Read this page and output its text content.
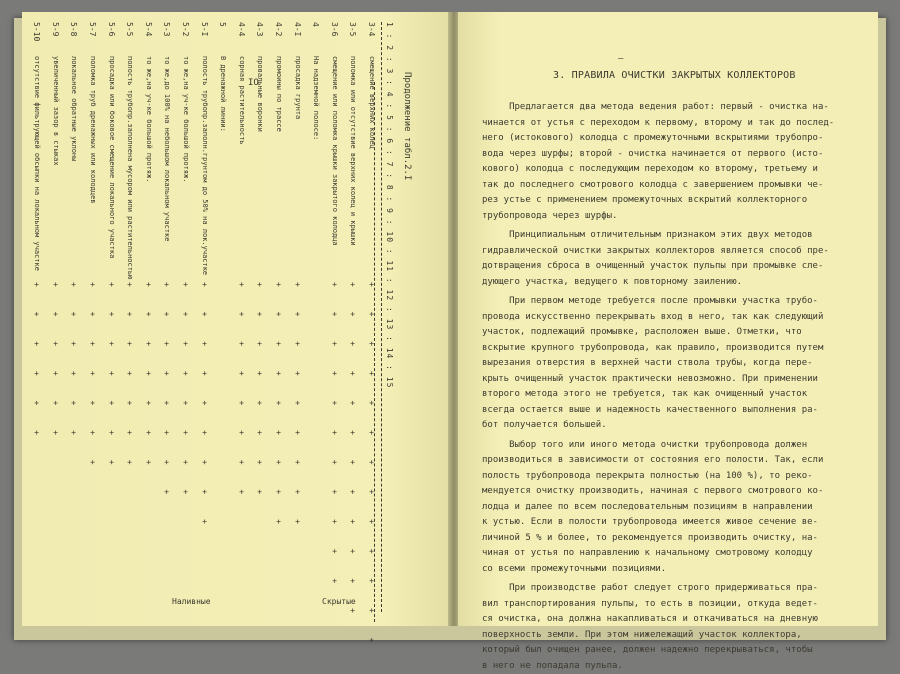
Продолжение табл.2.I
3-4
смещение верхних колец
+ + + + + + + + + + + + +
3-5
поломка или отсутствие верхних колец и крышки
+ + + + + + + + + + + +
3-6
смещение или поломка крышки закрытого колодца
+ + + + + + + + + + +
4
На надземной полосе:
4-I
просадка грунта
+ + + + + + + + +
4-2
промоины по трассе
+ + + + + + + + +
4-3
провальные воронки
+ + + + + + + +
4-4
сорная растительность
+ + + + + + + +
5
В дренажной линии:
5-I
полость трубопр.заполн.грунтом до 50% на лок.участке
+ + + + + + + + +
5-2
то же,на уч-ке большой протяж.
+ + + + + + + +
5-3
то же,до 100% на небольшом локальном участке
+ + + + + + + +
5-4
то же,на уч-ке большой протяж.
+ + + + + + +
5-5
полость трубопр.заполнена мусором или растительностью
+ + + + + + +
5-6
просадка или боковое смещение локального участка
+ + + + + + +
5-7
поломка труб дренажных или колодцев
+ + + + + + +
5-8
локальное обратные уклоны
+ + + + + +
5-9
увеличенный зазор в стыках
+ + + + + +
5-10
отсутствие фильтрующей обсыпки на локальном участке
+ + + + + +	1 : 2 : 3 : 4 : 5 : 6 : 7 : 8 : 9 : 10 : 11 : 12 : 13 : 14 : 15
IO
Наливные	Скрытые
—
3. ПРАВИЛА ОЧИСТКИ ЗАКРЫТЫХ КОЛЛЕКТОРОВ

Предлагается два метода ведения работ: первый - очистка на-

чинается от устья с переходом к первому, второму и так до послед-

него (истокового) колодца с промежуточными вскрытиями трубопро-

вода через шурфы; второй - очистка начинается от первого (исто-

кового) колодца с последующим переходом ко второму, третьему и

так до последнего смотрового колодца с завершением промывки че-

рез устье с применением промежуточных вскрытий коллекторного

трубопровода через шурфы.

Принципиальным отличительным признаком этих двух методов

гидравлической очистки закрытых коллекторов является способ пре-

дотвращения сброса в очищенный участок пульпы при промывке сле-

дующего участка, ведущего к повторному заилению.

При первом методе требуется после промывки участка трубо-

провода искусственно перекрывать вход в него, так как следующий

участок, подлежащий промывке, расположен выше. Отметки, что

вскрытие крупного трубопровода, как правило, производится путем

вырезания отверстия в верхней части ствола трубы, когда пере-

крыть очищенный участок практически невозможно. При применении

второго метода этого не требуется, так как очищенный участок

всегда остается выше и надежность качественного выполнения ра-

бот получается большей.

Выбор того или иного метода очистки трубопровода должен

производиться в зависимости от состояния его полости. Так, если

полость трубопровода перекрыта полностью (на 100 %), то реко-

мендуется очистку производить, начиная с первого смотрового ко-

лодца и далее по всем последовательным позициям в направлении

к устью. Если в полости трубопровода имеется живое сечение ве-

личиной 5 % и более, то рекомендуется производить очистку, на-

чиная от устья по направлению к начальному смотровому колодцу

со всеми промежуточными позициями.

При производстве работ следует строго придерживаться пра-

вил транспортирования пульпы, то есть в позиции, откуда ведет-

ся очистка, она должна накапливаться и откачиваться на дневную

поверхность земли. При этом нижележащий участок коллектора,

который был очищен ранее, должен надежно перекрываться, чтобы

в него не попадала пульпа.
